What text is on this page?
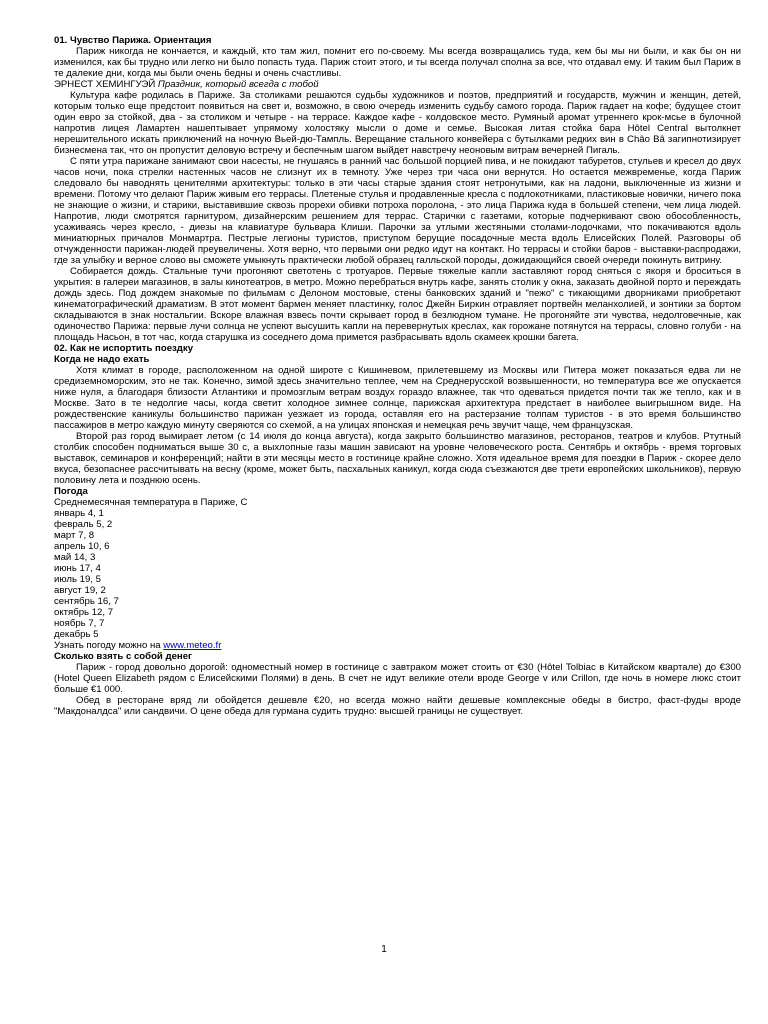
01. Чувство Парижа. Ориентация

Париж никогда не кончается, и каждый, кто там жил, помнит его по-своему. Мы всегда возвращались туда, кем бы мы ни были, и как бы он ни изменился, как бы трудно или легко ни было попасть туда. Париж стоит этого, и ты всегда получал сполна за все, что отдавал ему. И таким был Париж в те далекие дни, когда мы были очень бедны и очень счастливы.

ЭРНЕСТ ХЕМИНГУЭЙ Праздник, который всегда с тобой

Культура кафе родилась в Париже. За столиками решаются судьбы художников и поэтов, предприятий и государств, мужчин и женщин, детей, которым только еще предстоит появиться на свет и, возможно, в свою очередь изменить судьбу самого города. Париж гадает на кофе; будущее стоит один евро за стойкой, два - за столиком и четыре - на террасе. Каждое кафе - колдовское место. Румяный аромат утреннего крок-мсье в булочной напротив лицея Ламартен нашептывает упрямому холостяку мысли о доме и семье. Высокая литая стойка бара Hôtel Central вытолкнет нерешительного искать приключений на ночную Вьей-дю-Тампль. Верещание стального конвейера с бутылками редких вин в Châo Bâ загипнотизирует бизнесмена так, что он пропустит деловую встречу и беспечным шагом выйдет навстречу неоновым витрам вечерней Пигаль.

С пяти утра парижане занимают свои насесты, не гнушаясь в ранний час большой порцией пива, и не покидают табуретов, стульев и кресел до двух часов ночи, пока стрелки настенных часов не слизнут их в темноту. Уже через три часа они вернутся. Но остается межвременье, когда Париж следовало бы наводнять ценителями архитектуры: только в эти часы старые здания стоят нетронутыми, как на ладони, выключенные из жизни и времени. Потому что делают Париж живым его террасы. Плетеные стулья и продавленные кресла с подлокотниками, пластиковые новички, ничего пока не знающие о жизни, и старики, выставившие сквозь прорехи обивки потроха поролона, - это лица Парижа куда в большей степени, чем лица людей. Напротив, люди смотрятся гарнитуром, дизайнерским решением для террас. Старички с газетами, которые подчеркивают свою обособленность, усаживаясь через кресло, - диезы на клавиатуре бульвара Клиши. Парочки за утлыми жестяными столами-лодочками, что покачиваются вдоль миниатюрных причалов Монмартра. Пестрые легионы туристов, приступом берущие посадочные места вдоль Елисейских Полей. Разговоры об отчужденности парижан-людей преувеличены. Хотя верно, что первыми они редко идут на контакт. Но террасы и стойки баров - выставки-распродажи, где за улыбку и верное слово вы сможете умыкнуть практически любой образец галльской породы, дожидающийся своей очереди покинуть витрину.

Собирается дождь. Стальные тучи прогоняют светотень с тротуаров. Первые тяжелые капли заставляют город сняться с якоря и броситься в укрытия: в галереи магазинов, в залы кинотеатров, в метро. Можно перебраться внутрь кафе, занять столик у окна, заказать двойной порто и переждать дождь здесь. Под дождем знакомые по фильмам с Делоном мостовые, стены банковских зданий и "пежо" с тикающими дворниками приобретают кинематографический драматизм. В этот момент бармен меняет пластинку, голос Джейн Биркин отравляет портвейн меланхолией, и зонтики за бортом складываются в знак ностальгии. Вскоре влажная взвесь почти скрывает город в безлюдном тумане. Не прогоняйте эти чувства, недолговечные, как одиночество Парижа: первые лучи солнца не успеют высушить капли на перевернутых креслах, как горожане потянутся на террасы, словно голуби - на площадь Насьон, в тот час, когда старушка из соседнего дома примется разбрасывать вдоль скамеек крошки багета.

02. Как не испортить поездку

Когда не надо ехать

Хотя климат в городе, расположенном на одной широте с Кишиневом, прилетевшему из Москвы или Питера может показаться едва ли не средиземноморским, это не так. Конечно, зимой здесь значительно теплее, чем на Среднерусской возвышенности, но температура все же опускается ниже нуля, а благодаря близости Атлантики и промозглым ветрам воздух гораздо влажнее, так что одеваться придется почти так же тепло, как и в Москве. Зато в те недолгие часы, когда светит холодное зимнее солнце, парижская архитектура предстает в наиболее выигрышном виде. На рождественские каникулы большинство парижан уезжает из города, оставляя его на растерзание толпам туристов - в это время большинство пассажиров в метро каждую минуту сверяются со схемой, а на улицах японская и немецкая речь звучит чаще, чем французская.

Второй раз город вымирает летом (с 14 июля до конца августа), когда закрыто большинство магазинов, ресторанов, театров и клубов. Ртутный столбик способен подниматься выше 30 с, а выхлопные газы машин зависают на уровне человеческого роста. Сентябрь и октябрь - время торговых выставок, семинаров и конференций; найти в эти месяцы место в гостинице крайне сложно. Хотя идеальное время для поездки в Париж - скорее дело вкуса, безопаснее рассчитывать на весну (кроме, может быть, пасхальных каникул, когда сюда съезжаются две трети европейских школьников), первую половину лета и позднюю осень.

Погода

Среднемесячная температура в Париже, С

январь 4, 1

февраль 5, 2

март 7, 8

апрель 10, 6

май 14, 3

июнь 17, 4

июль 19, 5

август 19, 2

сентябрь 16, 7

октябрь 12, 7

ноябрь 7, 7

декабрь 5

Узнать погоду можно на www.meteo.fr

Сколько взять с собой денег

Париж - город довольно дорогой: одноместный номер в гостинице с завтраком может стоить от €30 (Hôtel Tolbiac в Китайском квартале) до €300 (Hotel Queen Elizabeth рядом с Елисейскими Полями) в день. В счет не идут великие отели вроде George v или Crillon, где ночь в номере люкс стоит больше €1 000.

Обед в ресторане вряд ли обойдется дешевле €20, но всегда можно найти дешевые комплексные обеды в бистро, фаст-фуды вроде "Макдоналдса" или сандвичи. О цене обеда для гурмана судить трудно: высшей границы не существует.

1
